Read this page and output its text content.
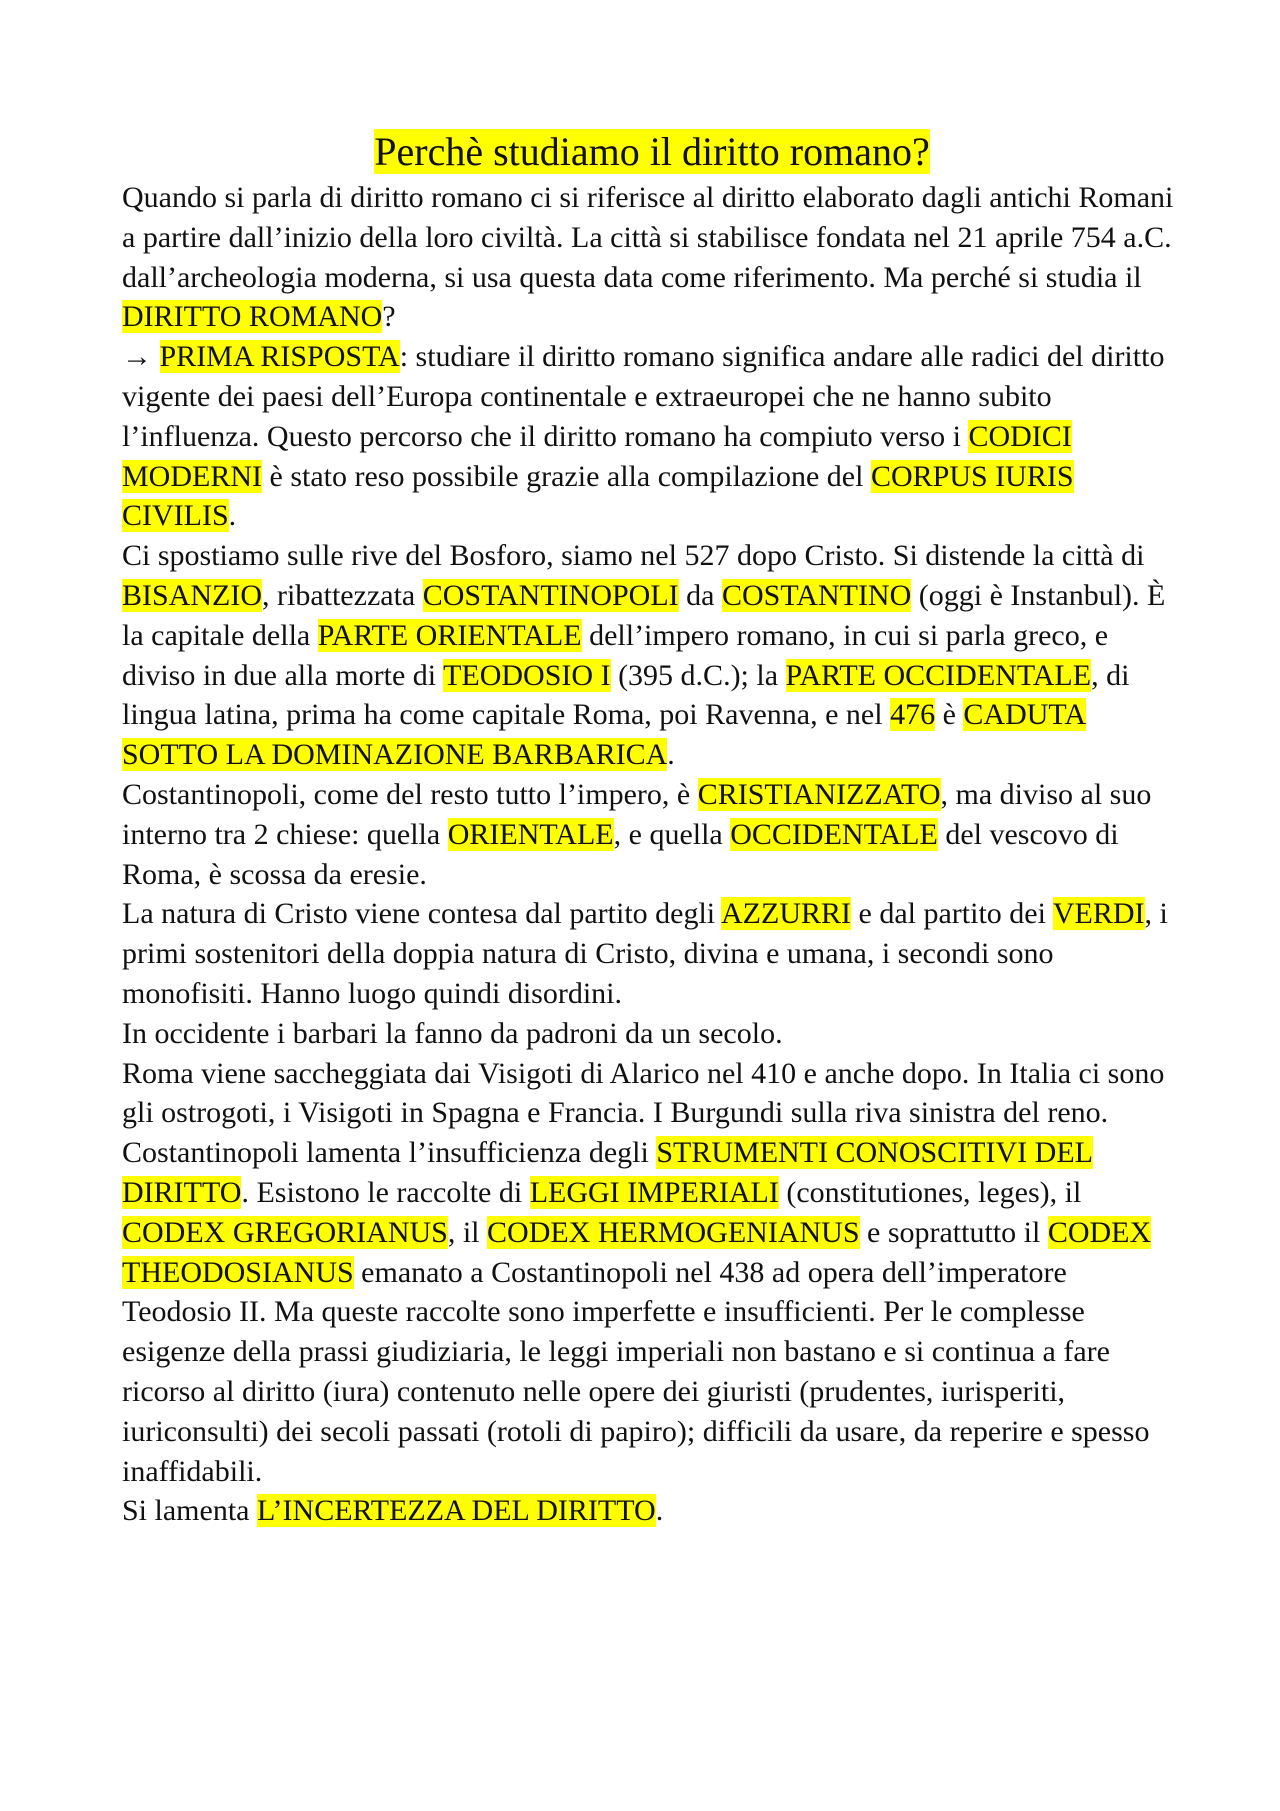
Perchè studiamo il diritto romano?

Quando si parla di diritto romano ci si riferisce al diritto elaborato dagli antichi Romani a partire dall’inizio della loro civiltà. La città si stabilisce fondata nel 21 aprile 754 a.C. dall’archeologia moderna, si usa questa data come riferimento. Ma perché si studia il DIRITTO ROMANO?

→ PRIMA RISPOSTA: studiare il diritto romano significa andare alle radici del diritto vigente dei paesi dell’Europa continentale e extraeuropei che ne hanno subito l’influenza. Questo percorso che il diritto romano ha compiuto verso i CODICI MODERNI è stato reso possibile grazie alla compilazione del CORPUS IURIS CIVILIS.

Ci spostiamo sulle rive del Bosforo, siamo nel 527 dopo Cristo. Si distende la città di BISANZIO, ribattezzata COSTANTINOPOLI da COSTANTINO (oggi è Instanbul). È la capitale della PARTE ORIENTALE dell’impero romano, in cui si parla greco, e diviso in due alla morte di TEODOSIO I (395 d.C.); la PARTE OCCIDENTALE, di lingua latina, prima ha come capitale Roma, poi Ravenna, e nel 476 è CADUTA SOTTO LA DOMINAZIONE BARBARICA.

Costantinopoli, come del resto tutto l’impero, è CRISTIANIZZATO, ma diviso al suo interno tra 2 chiese: quella ORIENTALE, e quella OCCIDENTALE del vescovo di Roma, è scossa da eresie.

La natura di Cristo viene contesa dal partito degli AZZURRI e dal partito dei VERDI, i primi sostenitori della doppia natura di Cristo, divina e umana, i secondi sono monofisiti. Hanno luogo quindi disordini.

In occidente i barbari la fanno da padroni da un secolo.

Roma viene saccheggiata dai Visigoti di Alarico nel 410 e anche dopo. In Italia ci sono gli ostrogoti, i Visigoti in Spagna e Francia. I Burgundi sulla riva sinistra del reno.

Costantinopoli lamenta l’insufficienza degli STRUMENTI CONOSCITIVI DEL DIRITTO. Esistono le raccolte di LEGGI IMPERIALI (constitutiones, leges), il CODEX GREGORIANUS, il CODEX HERMOGENIANUS e soprattutto il CODEX THEODOSIANUS emanato a Costantinopoli nel 438 ad opera dell’imperatore Teodosio II. Ma queste raccolte sono imperfette e insufficienti. Per le complesse esigenze della prassi giudiziaria, le leggi imperiali non bastano e si continua a fare ricorso al diritto (iura) contenuto nelle opere dei giuristi (prudentes, iurisperiti, iuriconsulti) dei secoli passati (rotoli di papiro); difficili da usare, da reperire e spesso inaffidabili.

Si lamenta L’INCERTEZZA DEL DIRITTO.
